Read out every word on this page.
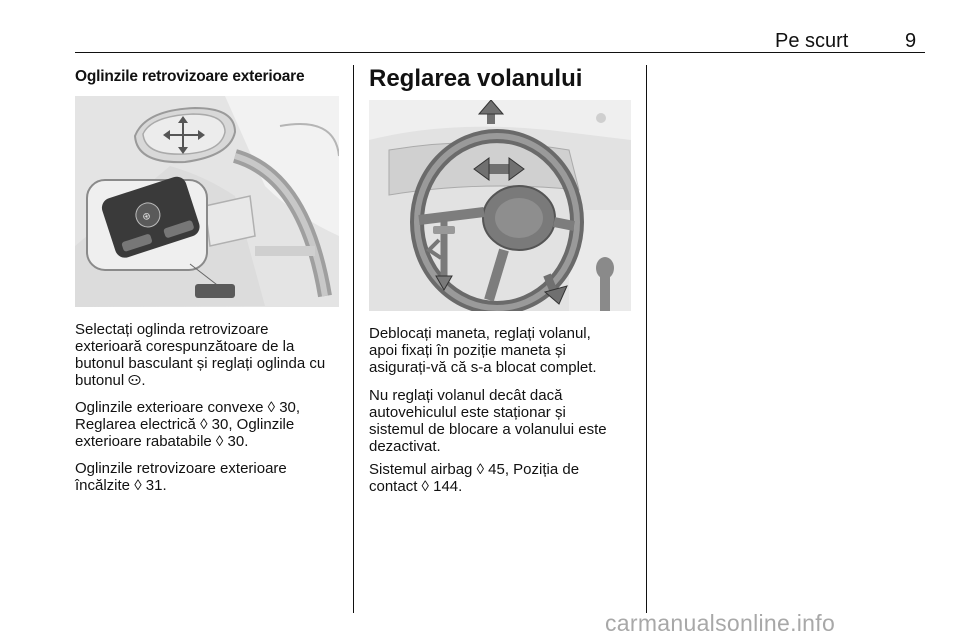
Pe scurt	9
Oglinzile retrovizoare exterioare
⊕

Selectați oglinda retrovizoare

exterioară corespunzătoare de la

butonul basculant și reglați oglinda cu

butonul .

Oglinzile exterioare convexe ◊ 30,

Reglarea electrică ◊ 30, Oglinzile

exterioare rabatabile ◊ 30.

Oglinzile retrovizoare exterioare

încălzite ◊ 31.

Reglarea volanului

Deblocați maneta, reglați volanul,

apoi fixați în poziție maneta și

asigurați-vă că s-a blocat complet.

Nu reglați volanul decât dacă

autovehiculul este staționar și

sistemul de blocare a volanului este

dezactivat.

Sistemul airbag ◊ 45, Poziția de

contact ◊ 144.

carmanualsonline.info
